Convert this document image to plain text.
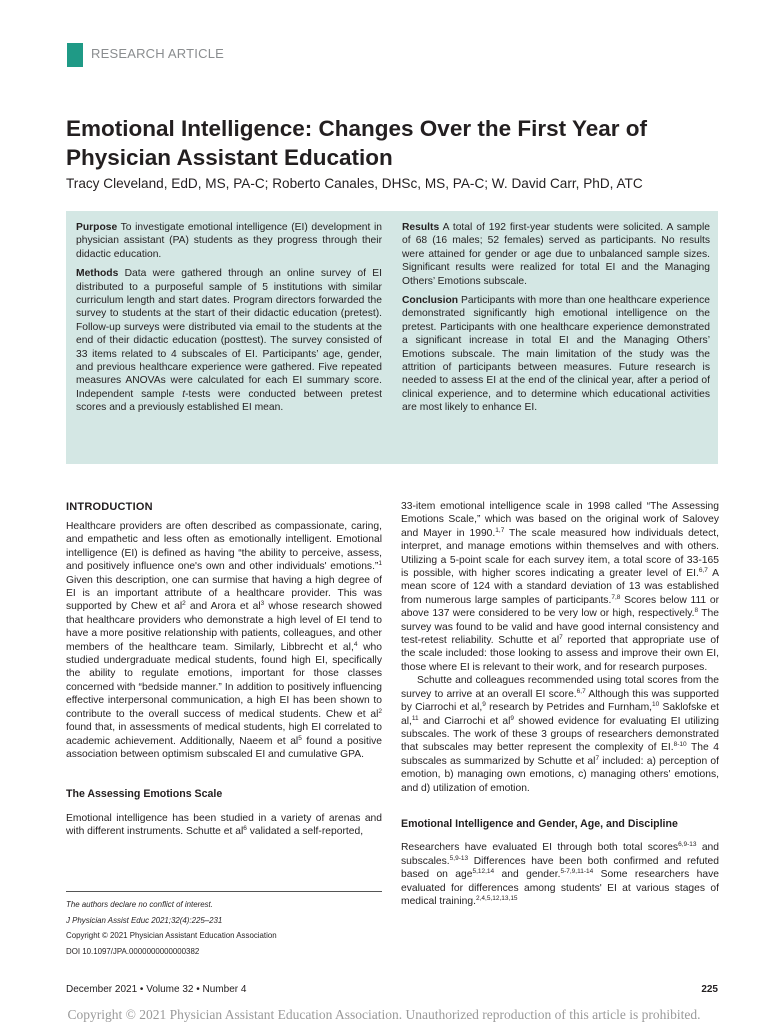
RESEARCH ARTICLE
Emotional Intelligence: Changes Over the First Year of Physician Assistant Education
Tracy Cleveland, EdD, MS, PA-C; Roberto Canales, DHSc, MS, PA-C; W. David Carr, PhD, ATC

Purpose To investigate emotional intelligence (EI) development in physician assistant (PA) students as they progress through their didactic education.

Methods Data were gathered through an online survey of EI distributed to a purposeful sample of 5 institutions with similar curriculum length and start dates. Program directors forwarded the survey to students at the start of their didactic education (pretest). Follow-up surveys were distributed via email to the students at the end of their didactic education (posttest). The survey consisted of 33 items related to 4 subscales of EI. Participants’ age, gender, and previous healthcare experience were gathered. Five repeated measures ANOVAs were calculated for each EI summary score. Independent sample t-tests were conducted between pretest scores and a previously established EI mean.

Results A total of 192 first-year students were solicited. A sample of 68 (16 males; 52 females) served as participants. No results were attained for gender or age due to unbalanced sample sizes. Significant results were realized for total EI and the Managing Others’ Emotions subscale.

Conclusion Participants with more than one healthcare experience demonstrated significantly high emotional intelligence on the pretest. Participants with one healthcare experience demonstrated a significant increase in total EI and the Managing Others’ Emotions subscale. The main limitation of the study was the attrition of participants between measures. Future research is needed to assess EI at the end of the clinical year, after a period of clinical experience, and to determine which educational activities are most likely to enhance EI.

INTRODUCTION

Healthcare providers are often described as compassionate, caring, and empathetic and less often as emotionally intelligent. Emotional intelligence (EI) is defined as having “the ability to perceive, assess, and positively influence one's own and other individuals' emotions.”$^1$ Given this description, one can surmise that having a high degree of EI is an important attribute of a healthcare provider. This was supported by Chew et $al^2$ and Arora et $al^3$ whose research showed that healthcare providers who demonstrate a high level of EI tend to have a more positive relationship with patients, colleagues, and other members of the healthcare team. Similarly, Libbrecht et al,$^4$ who studied undergraduate medical students, found high EI, specifically the ability to regulate emotions, important for those classes concerned with “bedside manner.” In addition to positively influencing effective interpersonal communication, a high EI has been shown to contribute to the overall success of medical students. Chew et $al^2$ found that, in assessments of medical students, high EI correlated to academic achievement. Additionally, Naeem et $al^5$ found a positive association between optimism subscaled EI and cumulative GPA.

The Assessing Emotions Scale

Emotional intelligence has been studied in a variety of arenas and with different instruments. Schutte et $al^6$ validated a self-reported,

33-item emotional intelligence scale in 1998 called “The Assessing Emotions Scale,” which was based on the original work of Salovey and Mayer in 1990.$^{1,7}$ The scale measured how individuals detect, interpret, and manage emotions within themselves and with others. Utilizing a 5-point scale for each survey item, a total score of 33-165 is possible, with higher scores indicating a greater level of EI.$^{6,7}$ A mean score of 124 with a standard deviation of 13 was established from numerous large samples of participants.$^{7,8}$ Scores below 111 or above 137 were considered to be very low or high, respectively.$^8$ The survey was found to be valid and have good internal consistency and test-retest reliability. Schutte et $al^7$ reported that appropriate use of the scale included: those looking to assess and improve their own EI, those where EI is relevant to their work, and for research purposes.

Schutte and colleagues recommended using total scores from the survey to arrive at an overall EI score.$^{6,7}$ Although this was supported by Ciarrochi et al,$^9$ research by Petrides and Furnham,$^{10}$ Saklofske et al,$^{11}$ and Ciarrochi et $al^9$ showed evidence for evaluating EI utilizing subscales. The work of these 3 groups of researchers demonstrated that subscales may better represent the complexity of EI.$^{8-10}$ The 4 subscales as summarized by Schutte et $al^7$ included: a) perception of emotion, b) managing own emotions, c) managing others' emotions, and d) utilization of emotion.

Emotional Intelligence and Gender, Age, and Discipline

Researchers have evaluated EI through both total scores$^{6,9-13}$ and subscales.$^{5,9-13}$ Differences have been both confirmed and refuted based on age$^{5,12,14}$ and gender.$^{5-7,9,11-14}$ Some researchers have evaluated for differences among students' EI at various stages of medical training.$^{2,4,5,12,13,15}$

The authors declare no conflict of interest.
J Physician Assist Educ 2021;32(4):225–231
Copyright © 2021 Physician Assistant Education Association
DOI 10.1097/JPA.0000000000000382
December 2021 • Volume 32 • Number 4	225
Copyright © 2021 Physician Assistant Education Association. Unauthorized reproduction of this article is prohibited.
